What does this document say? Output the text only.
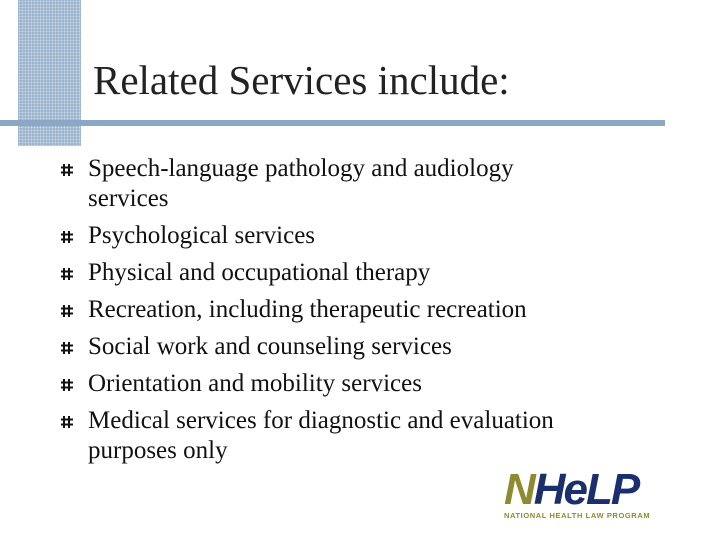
Related Services include:
Speech-language pathology and audiology
services
Psychological services
Physical and occupational therapy
Recreation, including therapeutic recreation
Social work and counseling services
Orientation and mobility services
Medical services for diagnostic and evaluation
purposes only
NHeLP
NATIONAL HEALTH LAW PROGRAM
